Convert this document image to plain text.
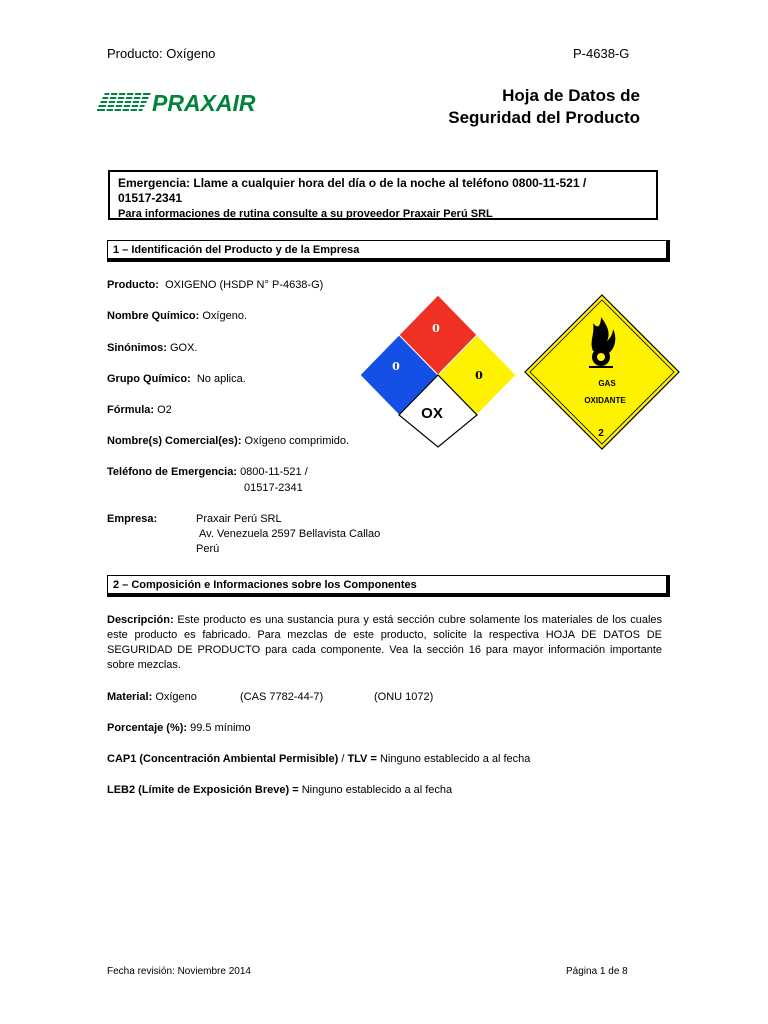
Producto: Oxígeno	P-4638-G
PRAXAIR	Hoja de Datos de
Seguridad del Producto
Emergencia: Llame a cualquier hora del día o de la noche al teléfono 0800-11-521 /
01517-2341
Para informaciones de rutina consulte a su proveedor Praxair Perú SRL
1 – Identificación del Producto y de la Empresa
Producto: OXIGENO (HSDP N° P-4638-G)
Nombre Químico: Oxígeno.
Sinónimos: GOX.
Grupo Químico: No aplica.
Fórmula: O2
Nombre(s) Comercial(es): Oxígeno comprimido.
Teléfono de Emergencia: 0800-11-521 /
01517-2341
Empresa:	Praxair Perú SRL
Av. Venezuela 2597 Bellavista Callao
Perú
0
0
0
OX
GAS
OXIDANTE
2
2 – Composición e Informaciones sobre los Componentes
Descripción: Este producto es una sustancia pura y está sección cubre solamente los materiales de los cuales este producto es fabricado. Para mezclas de este producto, solicite la respectiva HOJA DE DATOS DE SEGURIDAD DE PRODUCTO para cada componente. Vea la sección 16 para mayor información importante sobre mezclas.
Material: Oxígeno	(CAS 7782-44-7)	(ONU 1072)
Porcentaje (%): 99.5 mínimo
CAP1 (Concentración Ambiental Permisible) / TLV = Ninguno establecido a al fecha
LEB2 (Límite de Exposición Breve) = Ninguno establecido a al fecha
Fecha revisión: Noviembre 2014	Página 1 de 8
